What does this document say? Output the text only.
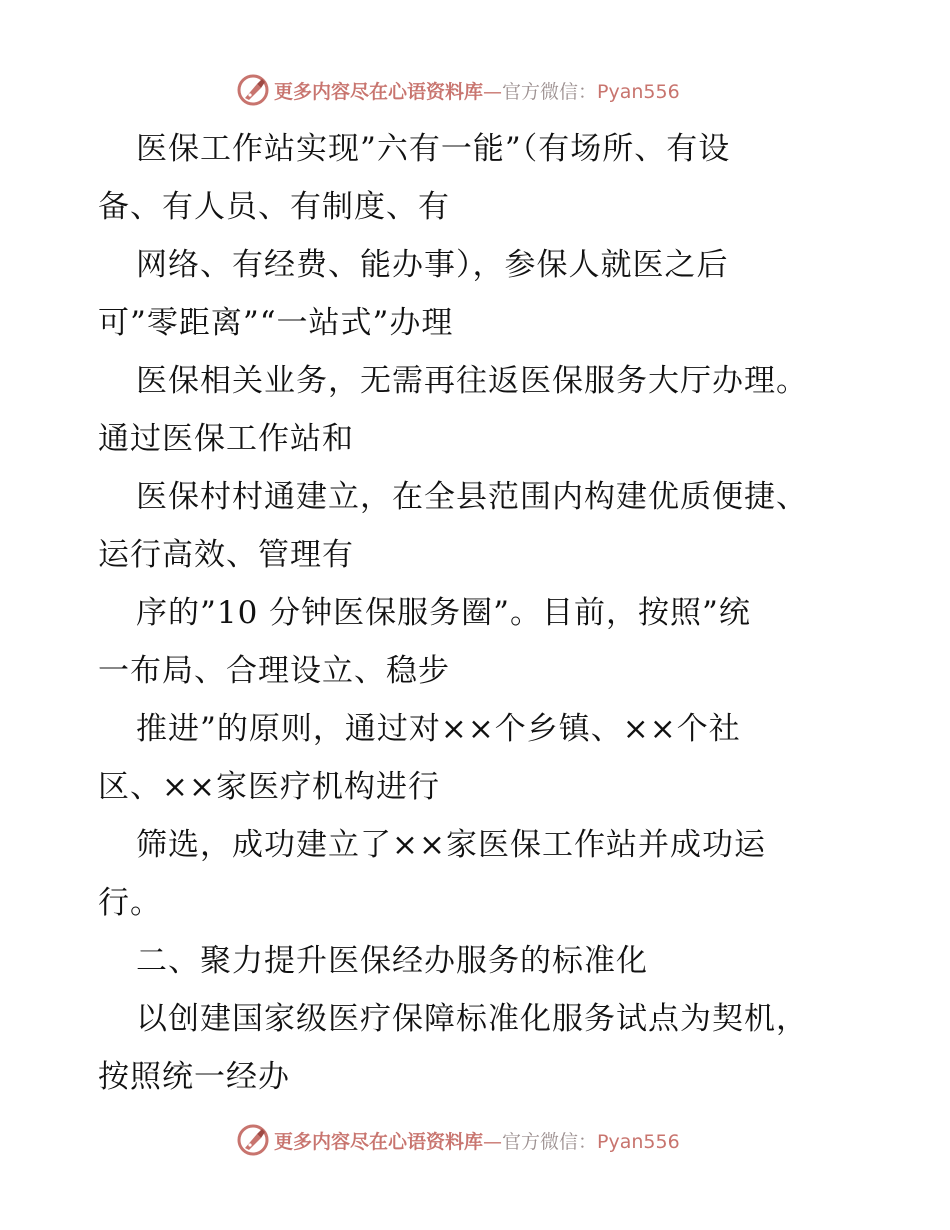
更多内容尽在心语资料库—官方微信：Pyan556
医保工作站实现”六有一能”（有场所、有设
备、有人员、有制度、有
网络、有经费、能办事），参保人就医之后
可”零距离”“一站式”办理
医保相关业务，无需再往返医保服务大厅办理。
通过医保工作站和
医保村村通建立，在全县范围内构建优质便捷、
运行高效、管理有
序的”10 分钟医保服务圈”。目前，按照”统
一布局、合理设立、稳步
推进”的原则，通过对××个乡镇、××个社
区、××家医疗机构进行
筛选，成功建立了××家医保工作站并成功运
行。
二、聚力提升医保经办服务的标准化
以创建国家级医疗保障标准化服务试点为契机，
按照统一经办
更多内容尽在心语资料库—官方微信：Pyan556
